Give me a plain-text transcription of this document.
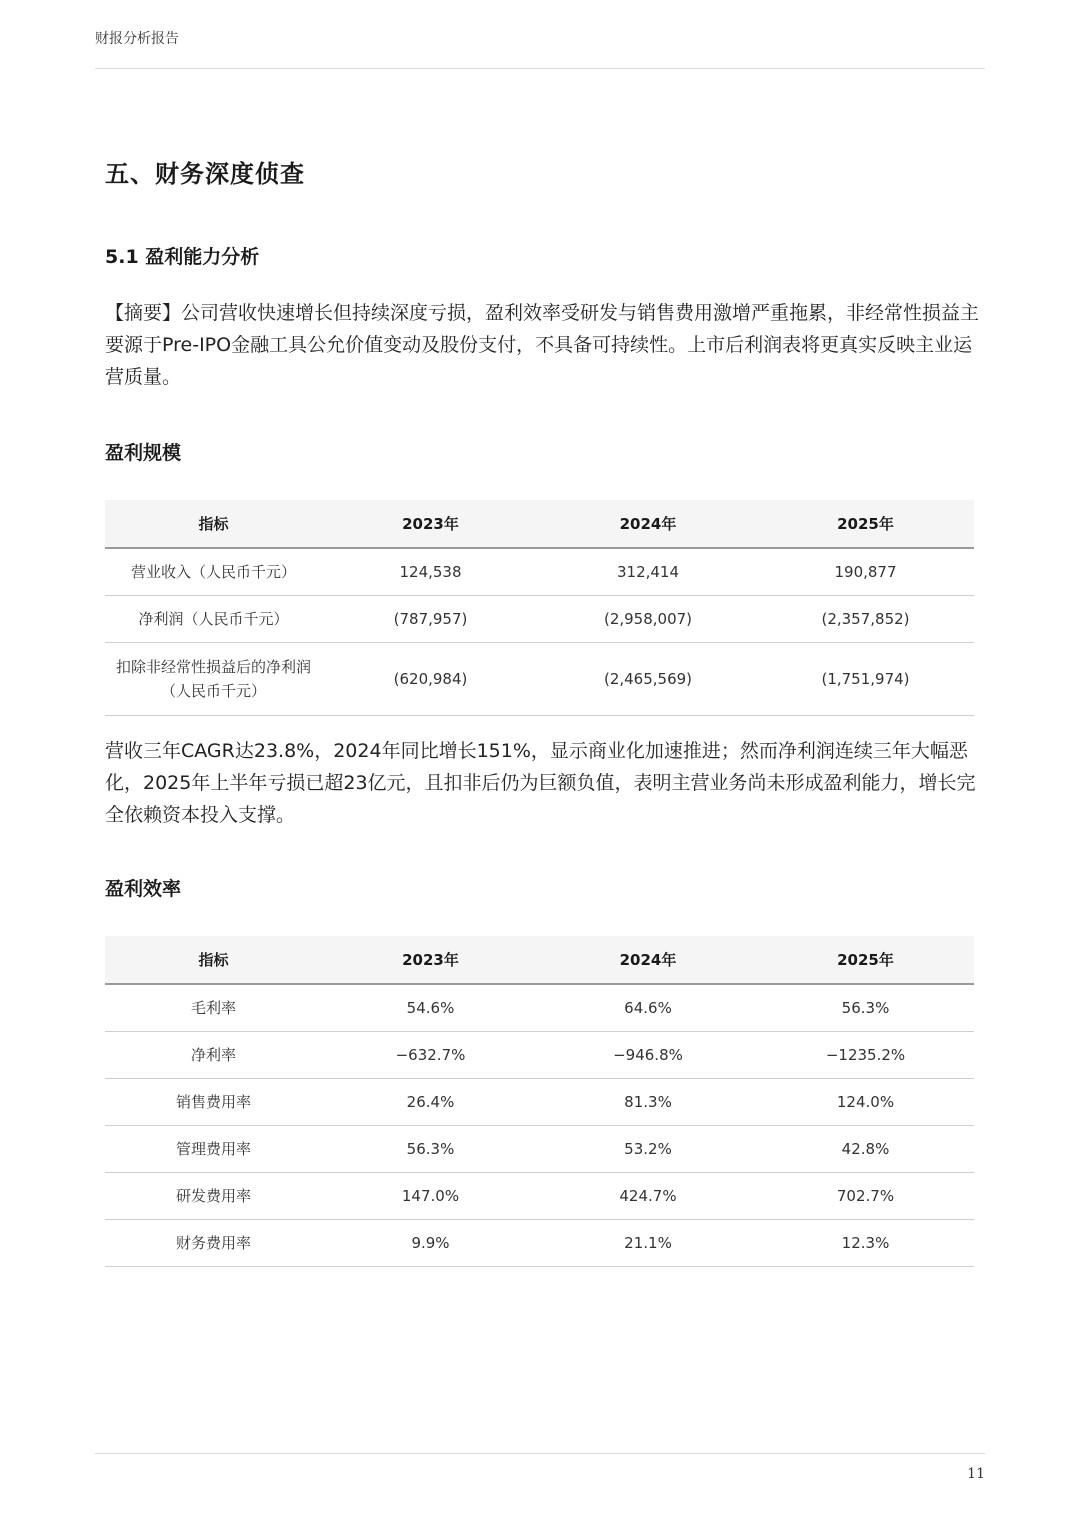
财报分析报告
五、财务深度侦查
5.1 盈利能力分析
【摘要】公司营收快速增长但持续深度亏损，盈利效率受研发与销售费用激增严重拖累，非经常性损益主要源于Pre-IPO金融工具公允价值变动及股份支付，不具备可持续性。上市后利润表将更真实反映主业运营质量。
盈利规模
指标	2023年	2024年	2025年
营业收入（人民币千元）	124,538	312,414	190,877
净利润（人民币千元）	(787,957)	(2,958,007)	(2,357,852)
扣除非经常性损益后的净利润（人民币千元）	(620,984)	(2,465,569)	(1,751,974)
营收三年CAGR达23.8%，2024年同比增长151%，显示商业化加速推进；然而净利润连续三年大幅恶化，2025年上半年亏损已超23亿元，且扣非后仍为巨额负值，表明主营业务尚未形成盈利能力，增长完全依赖资本投入支撑。
盈利效率
指标	2023年	2024年	2025年
毛利率	54.6%	64.6%	56.3%
净利率	−632.7%	−946.8%	−1235.2%
销售费用率	26.4%	81.3%	124.0%
管理费用率	56.3%	53.2%	42.8%
研发费用率	147.0%	424.7%	702.7%
财务费用率	9.9%	21.1%	12.3%
11
